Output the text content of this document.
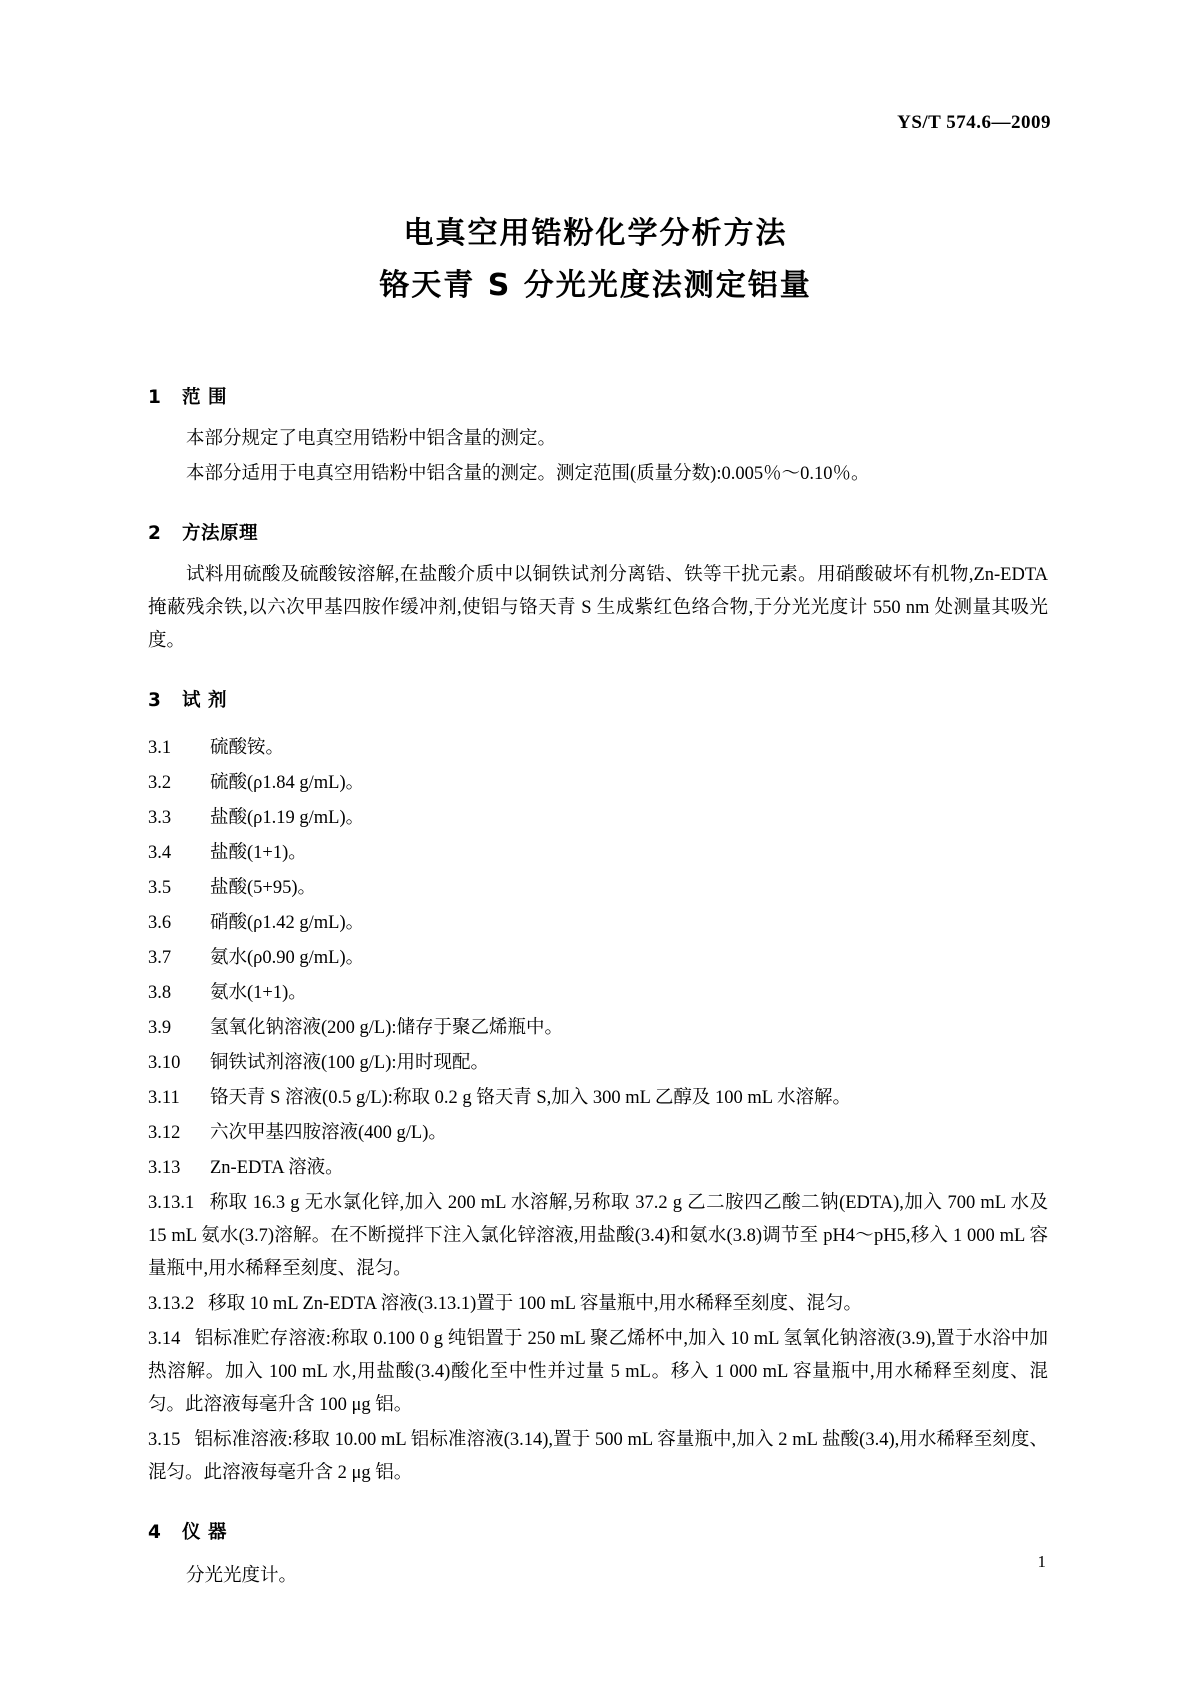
YS/T 574.6—2009
电真空用锆粉化学分析方法
铬天青 S 分光光度法测定铝量
1 范 围

本部分规定了电真空用锆粉中铝含量的测定。

本部分适用于电真空用锆粉中铝含量的测定。测定范围(质量分数):0.005％～0.10％。

2 方法原理

试料用硫酸及硫酸铵溶解,在盐酸介质中以铜铁试剂分离锆、铁等干扰元素。用硝酸破坏有机物,Zn-EDTA 掩蔽残余铁,以六次甲基四胺作缓冲剂,使铝与铬天青 S 生成紫红色络合物,于分光光度计 550 nm 处测量其吸光度。

3 试 剂

3.1 硫酸铵。

3.2 硫酸(ρ1.84 g/mL)。

3.3 盐酸(ρ1.19 g/mL)。

3.4 盐酸(1+1)。

3.5 盐酸(5+95)。

3.6 硝酸(ρ1.42 g/mL)。

3.7 氨水(ρ0.90 g/mL)。

3.8 氨水(1+1)。

3.9 氢氧化钠溶液(200 g/L):储存于聚乙烯瓶中。

3.10 铜铁试剂溶液(100 g/L):用时现配。

3.11 铬天青 S 溶液(0.5 g/L):称取 0.2 g 铬天青 S,加入 300 mL 乙醇及 100 mL 水溶解。

3.12 六次甲基四胺溶液(400 g/L)。

3.13 Zn-EDTA 溶液。

3.13.1 称取 16.3 g 无水氯化锌,加入 200 mL 水溶解,另称取 37.2 g 乙二胺四乙酸二钠(EDTA),加入 700 mL 水及 15 mL 氨水(3.7)溶解。在不断搅拌下注入氯化锌溶液,用盐酸(3.4)和氨水(3.8)调节至 pH4～pH5,移入 1 000 mL 容量瓶中,用水稀释至刻度、混匀。

3.13.2 移取 10 mL Zn-EDTA 溶液(3.13.1)置于 100 mL 容量瓶中,用水稀释至刻度、混匀。

3.14 铝标准贮存溶液:称取 0.100 0 g 纯铝置于 250 mL 聚乙烯杯中,加入 10 mL 氢氧化钠溶液(3.9),置于水浴中加热溶解。加入 100 mL 水,用盐酸(3.4)酸化至中性并过量 5 mL。移入 1 000 mL 容量瓶中,用水稀释至刻度、混匀。此溶液每毫升含 100 μg 铝。

3.15 铝标准溶液:移取 10.00 mL 铝标准溶液(3.14),置于 500 mL 容量瓶中,加入 2 mL 盐酸(3.4),用水稀释至刻度、混匀。此溶液每毫升含 2 μg 铝。

4 仪 器

分光光度计。

1
